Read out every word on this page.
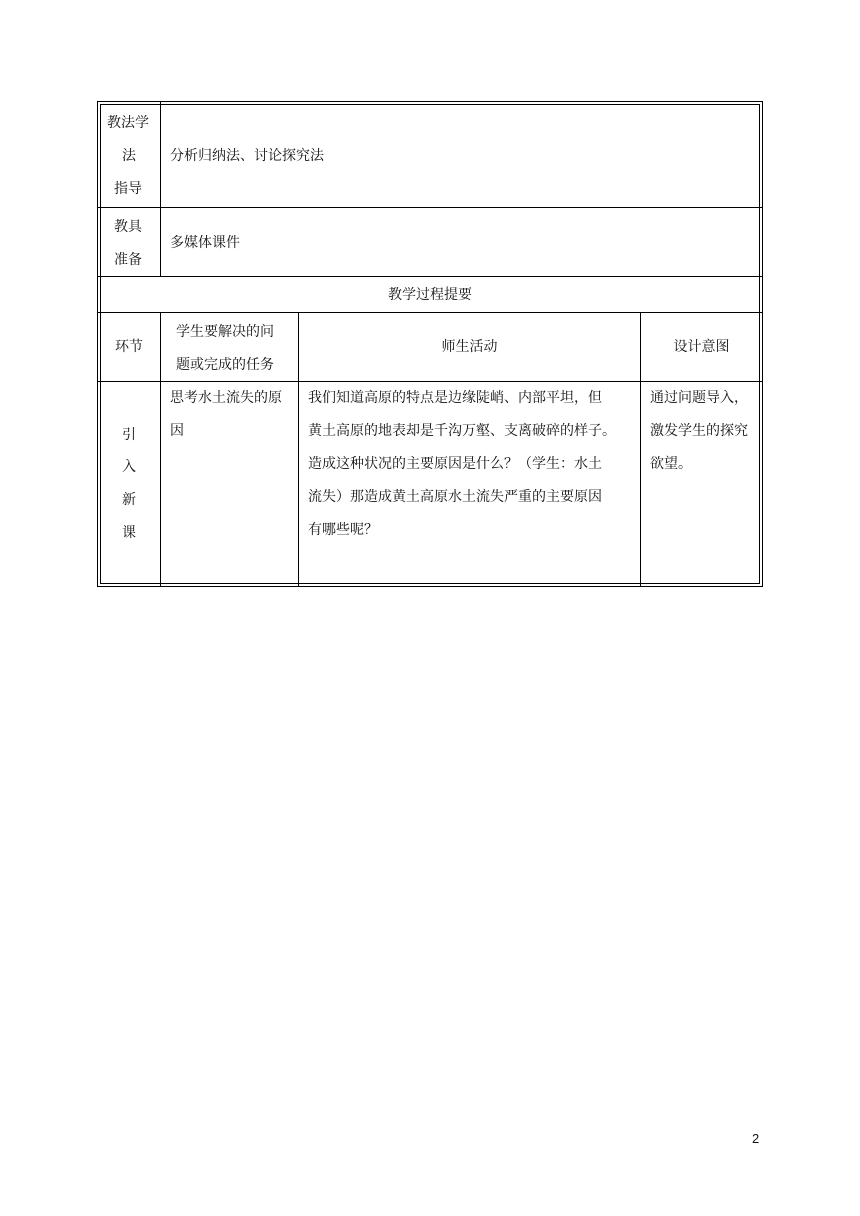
教法学
法
指导
分析归纳法、讨论探究法
教具
准备
多媒体课件
教学过程提要
环节
学生要解决的问
题或完成的任务
师生活动	设计意图
引
入
新
课
思考水土流失的原
因
我们知道高原的特点是边缘陡峭、内部平坦，但
黄土高原的地表却是千沟万壑、支离破碎的样子。
造成这种状况的主要原因是什么？（学生：水土
流失）那造成黄土高原水土流失严重的主要原因
有哪些呢？
通过问题导入，
激发学生的探究
欲望。
2
